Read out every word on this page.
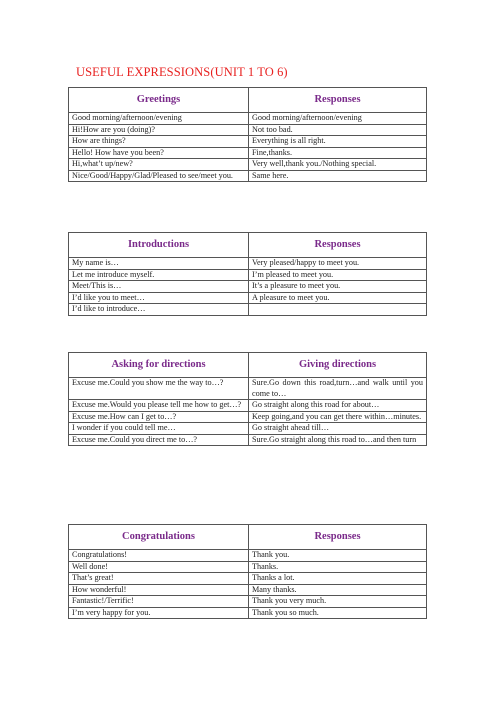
USEFUL EXPRESSIONS(UNIT 1 TO 6)
Greetings	Responses
Good morning/afternoon/evening	Good morning/afternoon/evening
Hi!How are you (doing)?	Not too bad.
How are things?	Everything is all right.
Hello! How have you been?	Fine,thanks.
Hi,what’t up/new?	Very well,thank you./Nothing special.
Nice/Good/Happy/Glad/Pleased to see/meet you.	Same here.
Introductions	Responses
My name is…	Very pleased/happy to meet you.
Let me introduce myself.	I’m pleased to meet you.
Meet/This is…	It’s a pleasure to meet you.
I’d like you to meet…	A pleasure to meet you.
I’d like to introduce…	
Asking for directions	Giving directions
Excuse me.Could you show me the way to…?	Sure.Go down this road,turn…and walk until you come to…
Excuse me.Would you please tell me how to get…?	Go straight along this road for about…
Excuse me.How can I get to…?	Keep going,and you can get there within…minutes.
I wonder if you could tell me…	Go straight ahead till…
Excuse me.Could you direct me to…?	Sure.Go straight along this road to…and then turn
Congratulations	Responses
Congratulations!	Thank you.
Well done!	Thanks.
That’s great!	Thanks a lot.
How wonderful!	Many thanks.
Fantastic!/Terrific!	Thank you very much.
I’m very happy for you.	Thank you so much.
